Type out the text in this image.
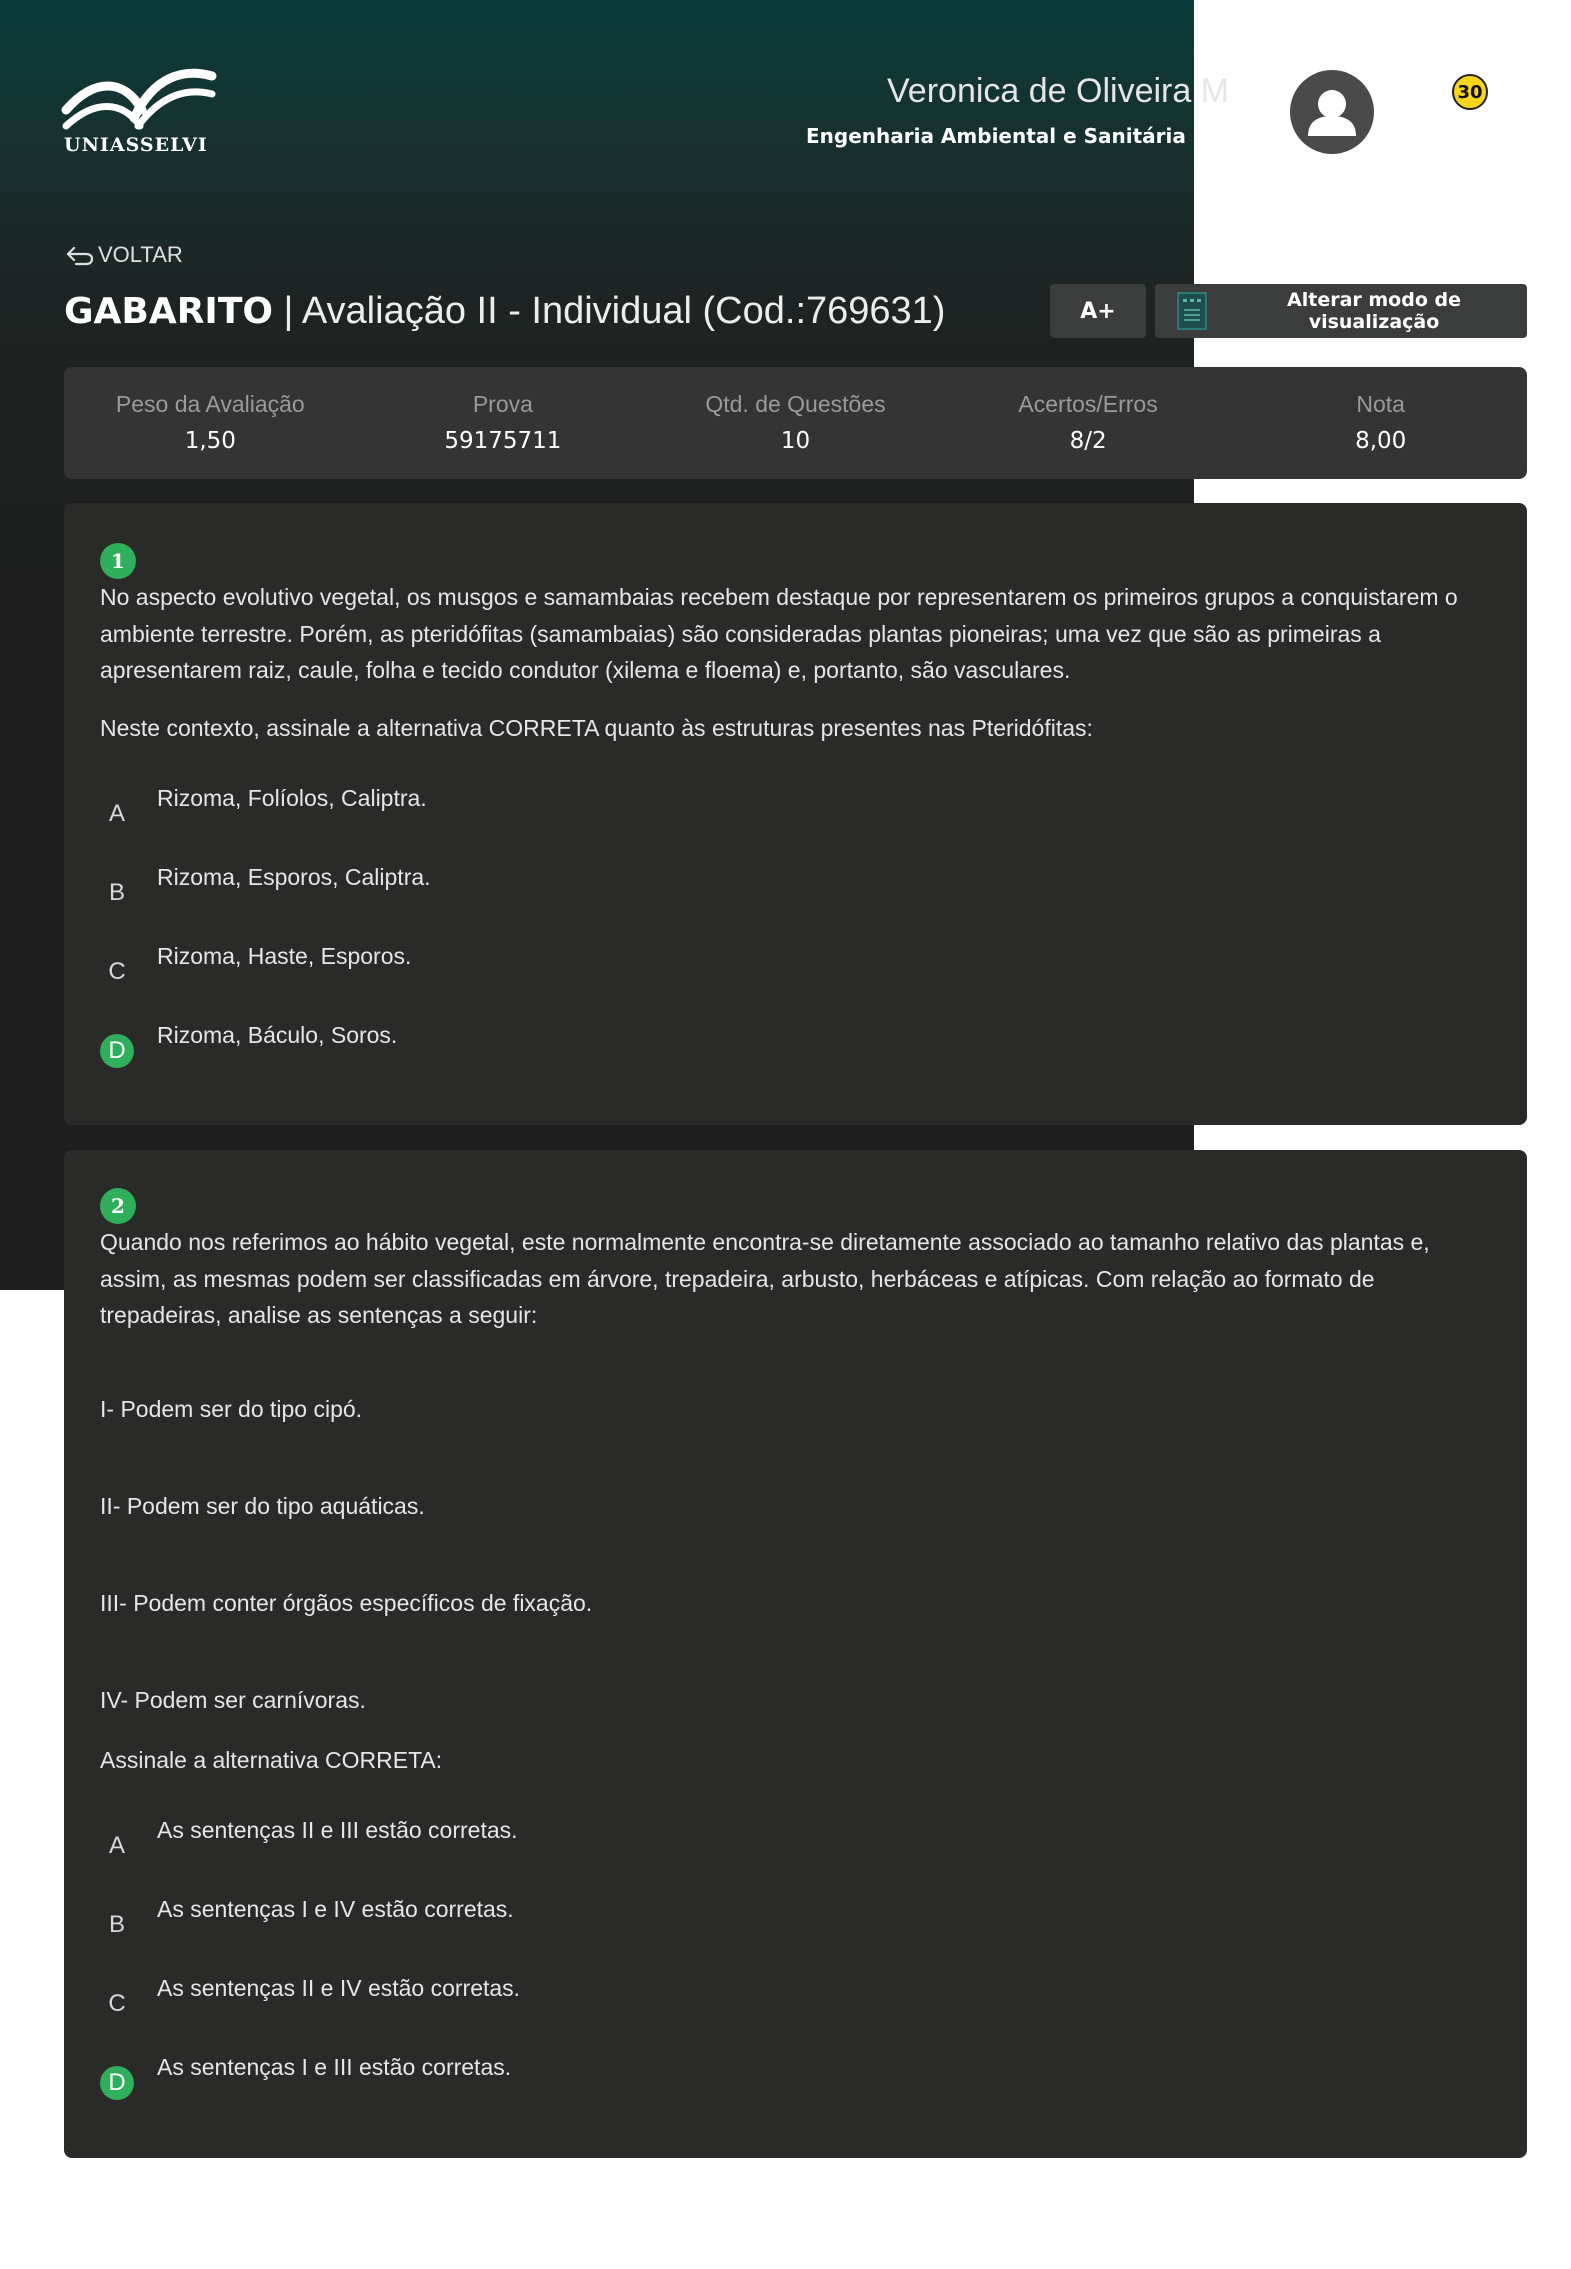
UNIASSELVI
Veronica de Oliveira M
Engenharia Ambiental e Sanitária (294
30
VOLTAR
GABARITO | Avaliação II - Individual (Cod.:769631)	A+	Alterar modo de visualização
Peso da Avaliação
1,50
Prova
59175711
Qtd. de Questões
10
Acertos/Erros
8/2
Nota
8,00
1
No aspecto evolutivo vegetal, os musgos e samambaias recebem destaque por representarem os primeiros grupos a conquistarem o ambiente terrestre. Porém, as pteridófitas (samambaias) são consideradas plantas pioneiras; uma vez que são as primeiras a apresentarem raiz, caule, folha e tecido condutor (xilema e floema) e, portanto, são vasculares.
Neste contexto, assinale a alternativa CORRETA quanto às estruturas presentes nas Pteridófitas:
A
Rizoma, Folíolos, Caliptra.
B
Rizoma, Esporos, Caliptra.
C
Rizoma, Haste, Esporos.
D
Rizoma, Báculo, Soros.
2
Quando nos referimos ao hábito vegetal, este normalmente encontra-se diretamente associado ao tamanho relativo das plantas e, assim, as mesmas podem ser classificadas em árvore, trepadeira, arbusto, herbáceas e atípicas. Com relação ao formato de trepadeiras, analise as sentenças a seguir:
I- Podem ser do tipo cipó.
II- Podem ser do tipo aquáticas.
III- Podem conter órgãos específicos de fixação.
IV- Podem ser carnívoras.
Assinale a alternativa CORRETA:
A
As sentenças II e III estão corretas.
B
As sentenças I e IV estão corretas.
C
As sentenças II e IV estão corretas.
D
As sentenças I e III estão corretas.
